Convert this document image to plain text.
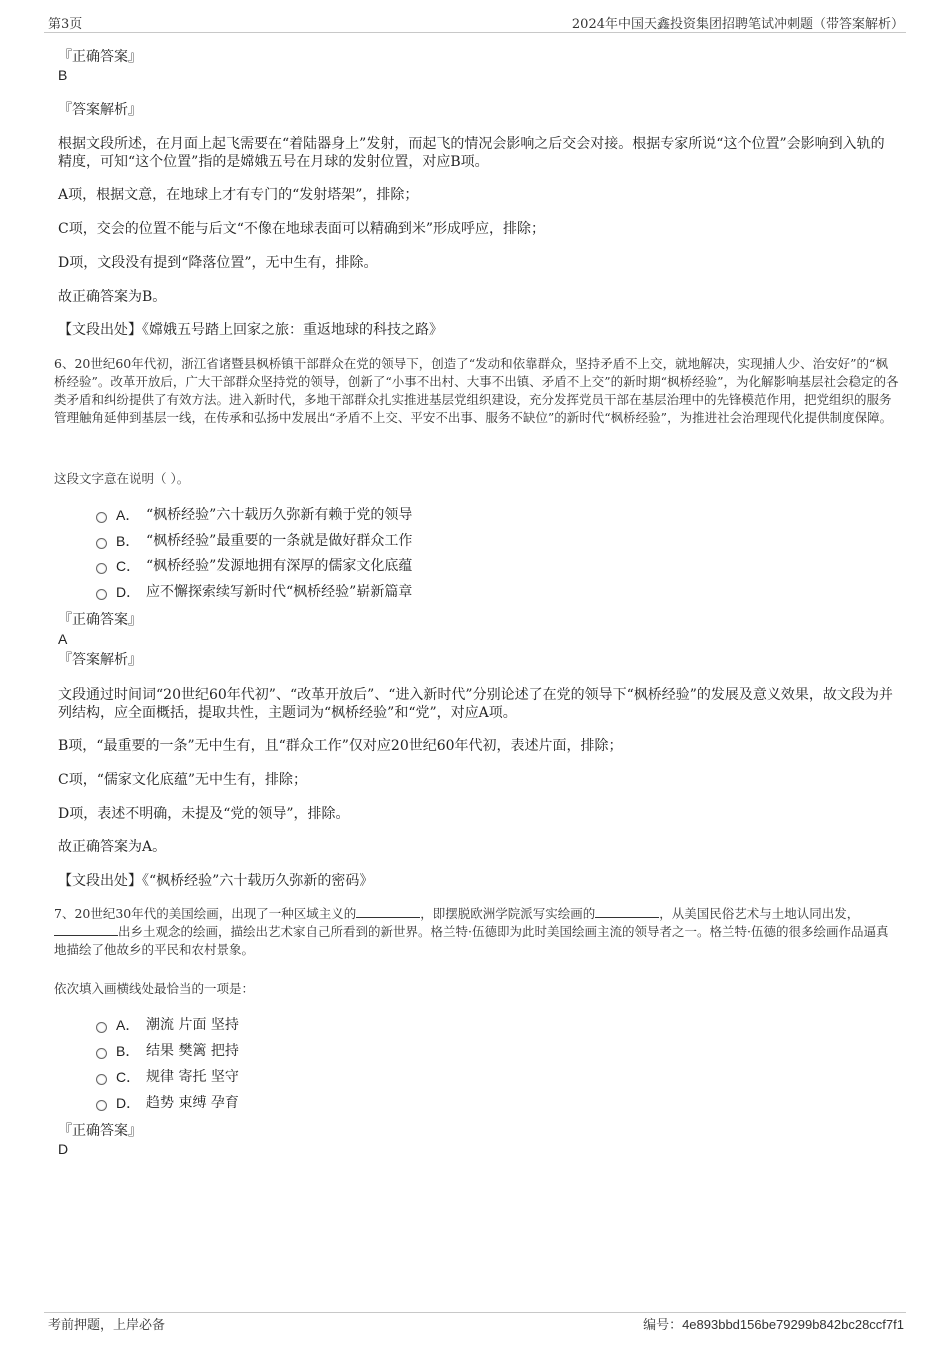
第3页	2024年中国天鑫投资集团招聘笔试冲刺题（带答案解析）
『正确答案』
B
『答案解析』
根据文段所述，在月面上起飞需要在“着陆器身上”发射，而起飞的情况会影响之后交会对接。根据专家所说“这个位置”会影响到入轨的精度，可知“这个位置”指的是嫦娥五号在月球的发射位置，对应B项。
A项，根据文意，在地球上才有专门的“发射塔架”，排除；
C项，交会的位置不能与后文“不像在地球表面可以精确到米”形成呼应，排除；
D项，文段没有提到“降落位置”，无中生有，排除。
故正确答案为B。
【文段出处】《嫦娥五号踏上回家之旅：重返地球的科技之路》
6、20世纪60年代初，浙江省诸暨县枫桥镇干部群众在党的领导下，创造了“发动和依靠群众，坚持矛盾不上交，就地解决，实现捕人少、治安好”的“枫桥经验”。改革开放后，广大干部群众坚持党的领导，创新了“小事不出村、大事不出镇、矛盾不上交”的新时期“枫桥经验”，为化解影响基层社会稳定的各类矛盾和纠纷提供了有效方法。进入新时代，多地干部群众扎实推进基层党组织建设，充分发挥党员干部在基层治理中的先锋模范作用，把党组织的服务管理触角延伸到基层一线，在传承和弘扬中发展出“矛盾不上交、平安不出事、服务不缺位”的新时代“枫桥经验”，为推进社会治理现代化提供制度保障。
这段文字意在说明（ ）。
A． “枫桥经验”六十载历久弥新有赖于党的领导
B． “枫桥经验”最重要的一条就是做好群众工作
C． “枫桥经验”发源地拥有深厚的儒家文化底蕴
D． 应不懈探索续写新时代“枫桥经验”崭新篇章
『正确答案』
A
『答案解析』
文段通过时间词“20世纪60年代初”、“改革开放后”、“进入新时代”分别论述了在党的领导下“枫桥经验”的发展及意义效果，故文段为并列结构，应全面概括，提取共性，主题词为“枫桥经验”和“党”，对应A项。
B项，“最重要的一条”无中生有，且“群众工作”仅对应20世纪60年代初，表述片面，排除；
C项，“儒家文化底蕴”无中生有，排除；
D项，表述不明确，未提及“党的领导”，排除。
故正确答案为A。
【文段出处】《“枫桥经验”六十载历久弥新的密码》
7、20世纪30年代的美国绘画，出现了一种区域主义的	，即摆脱欧洲学院派写实绘画的	，从美国民俗艺术与土地认同出发，出乡土观念的绘画，描绘出艺术家自己所看到的新世界。格兰特·伍德即为此时美国绘画主流的领导者之一。格兰特·伍德的很多绘画作品逼真地描绘了他故乡的平民和农村景象。
依次填入画横线处最恰当的一项是：
A． 潮流 片面 坚持
B． 结果 樊篱 把持
C． 规律 寄托 坚守
D． 趋势 束缚 孕育
『正确答案』
D
考前押题，上岸必备	编号：4e893bbd156be79299b842bc28ccf7f1
